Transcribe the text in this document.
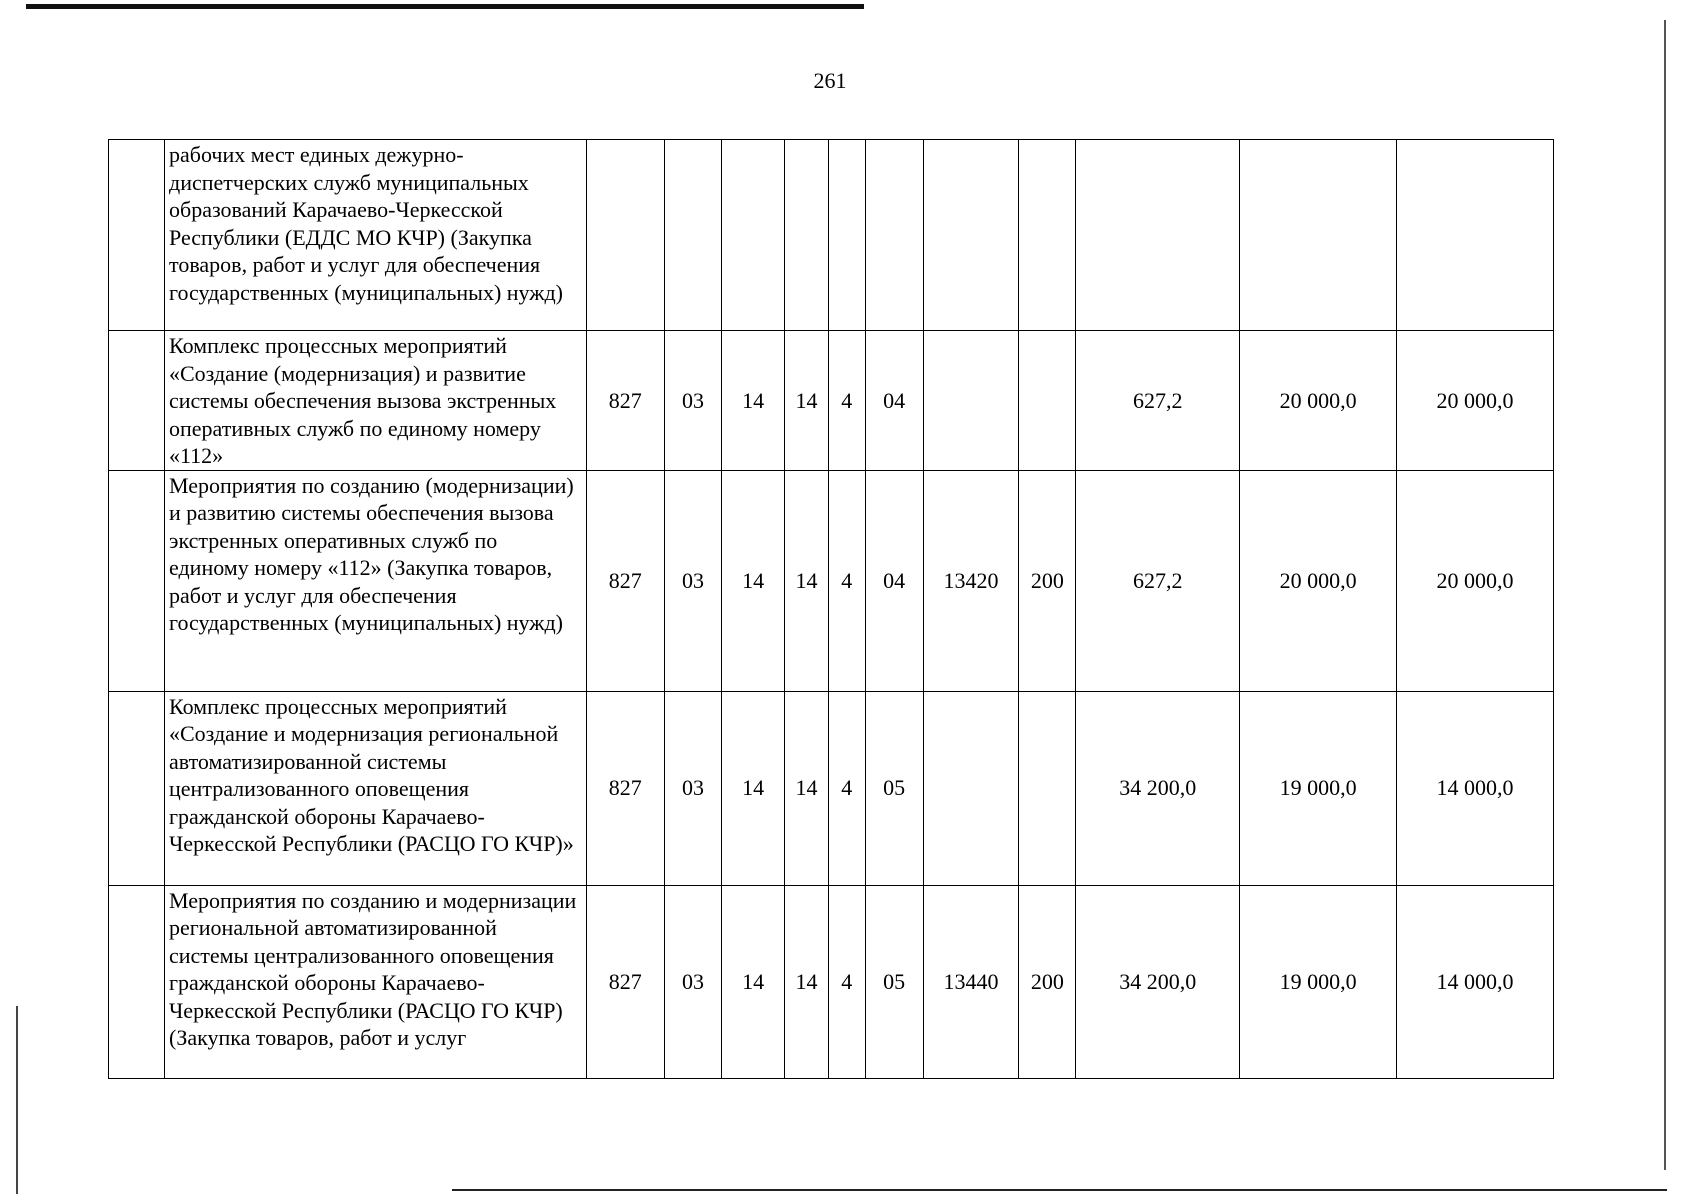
261
	рабочих мест единых дежурно-диспетчерских служб муниципальных образований Карачаево-Черкесской Республики (ЕДДС МО КЧР) (Закупка товаров, работ и услуг для обеспечения государственных (муниципальных) нужд)											
	Комплекс процессных мероприятий «Создание (модернизация) и развитие системы обеспечения вызова экстренных оперативных служб по единому номеру «112»	827	03	14	14	4	04			627,2	20 000,0	20 000,0
	Мероприятия по созданию (модернизации) и развитию системы обеспечения вызова экстренных оперативных служб по единому номеру «112» (Закупка товаров, работ и услуг для обеспечения государственных (муниципальных) нужд)	827	03	14	14	4	04	13420	200	627,2	20 000,0	20 000,0
	Комплекс процессных мероприятий «Создание и модернизация региональной автоматизированной системы централизованного оповещения гражданской обороны Карачаево-Черкесской Республики (РАСЦО ГО КЧР)»	827	03	14	14	4	05			34 200,0	19 000,0	14 000,0
	Мероприятия по созданию и модернизации региональной автоматизированной системы централизованного оповещения гражданской обороны Карачаево-Черкесской Республики (РАСЦО ГО КЧР) (Закупка товаров, работ и услуг	827	03	14	14	4	05	13440	200	34 200,0	19 000,0	14 000,0
